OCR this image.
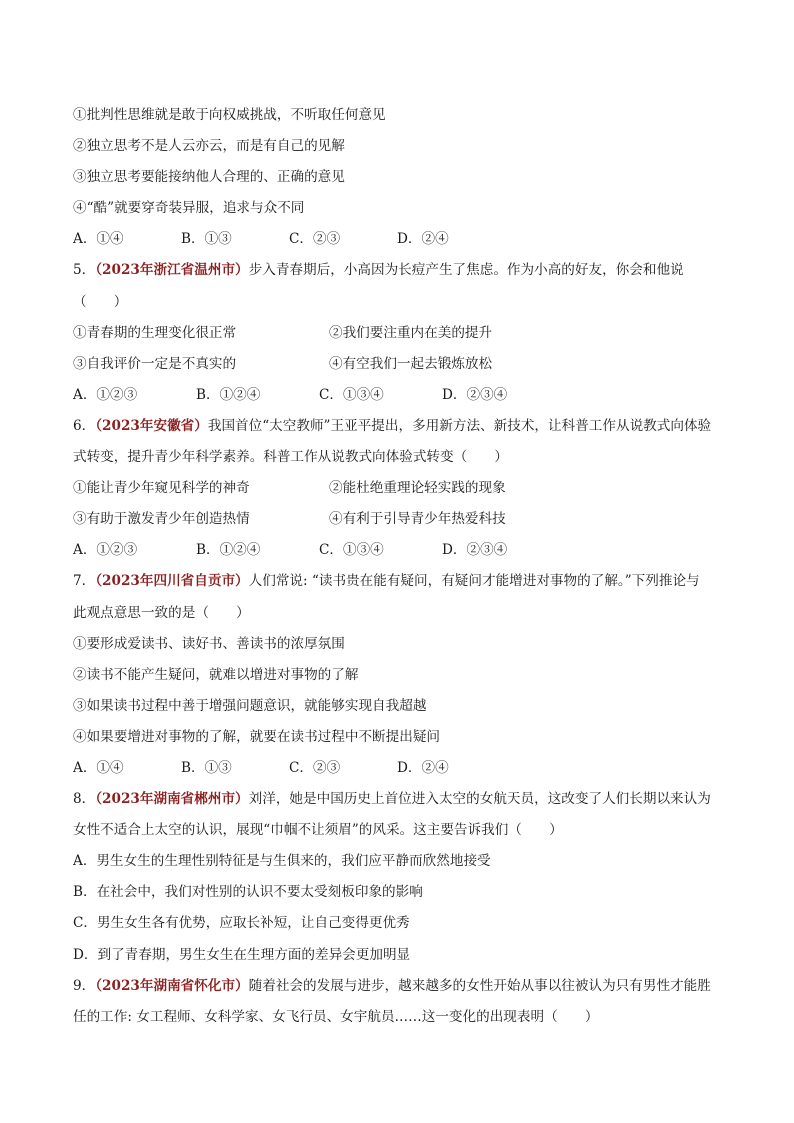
①批判性思维就是敢于向权威挑战，不听取任何意见
②独立思考不是人云亦云，而是有自己的见解
③独立思考要能接纳他人合理的、正确的意见
④“酷”就要穿奇装异服，追求与众不同
A．①④	B．①③	C．②③	D．②④
5．（2023年浙江省温州市）步入青春期后，小高因为长痘产生了焦虑。作为小高的好友，你会和他说
（　　）
①青春期的生理变化很正常	②我们要注重内在美的提升
③自我评价一定是不真实的	④有空我们一起去锻炼放松
A．①②③	B．①②④	C．①③④	D．②③④
6．（2023年安徽省）我国首位“太空教师”王亚平提出，多用新方法、新技术，让科普工作从说教式向体验
式转变，提升青少年科学素养。科普工作从说教式向体验式转变（　　）
①能让青少年窥见科学的神奇	②能杜绝重理论轻实践的现象
③有助于激发青少年创造热情	④有利于引导青少年热爱科技
A．①②③	B．①②④	C．①③④	D．②③④
7．（2023年四川省自贡市）人们常说: “读书贵在能有疑问，有疑问才能增进对事物的了解。”下列推论与
此观点意思一致的是（　　）
①要形成爱读书、读好书、善读书的浓厚氛围
②读书不能产生疑问，就难以增进对事物的了解
③如果读书过程中善于增强问题意识，就能够实现自我超越
④如果要增进对事物的了解，就要在读书过程中不断提出疑问
A．①④	B．①③	C．②③	D．②④
8．（2023年湖南省郴州市）刘洋，她是中国历史上首位进入太空的女航天员，这改变了人们长期以来认为
女性不适合上太空的认识，展现“巾帼不让须眉”的风采。这主要告诉我们（　　）
A．男生女生的生理性别特征是与生俱来的，我们应平静而欣然地接受
B．在社会中，我们对性别的认识不要太受刻板印象的影响
C．男生女生各有优势，应取长补短，让自己变得更优秀
D．到了青春期，男生女生在生理方面的差异会更加明显
9．（2023年湖南省怀化市）随着社会的发展与进步，越来越多的女性开始从事以往被认为只有男性才能胜
任的工作: 女工程师、女科学家、女飞行员、女宇航员……这一变化的出现表明（　　）
